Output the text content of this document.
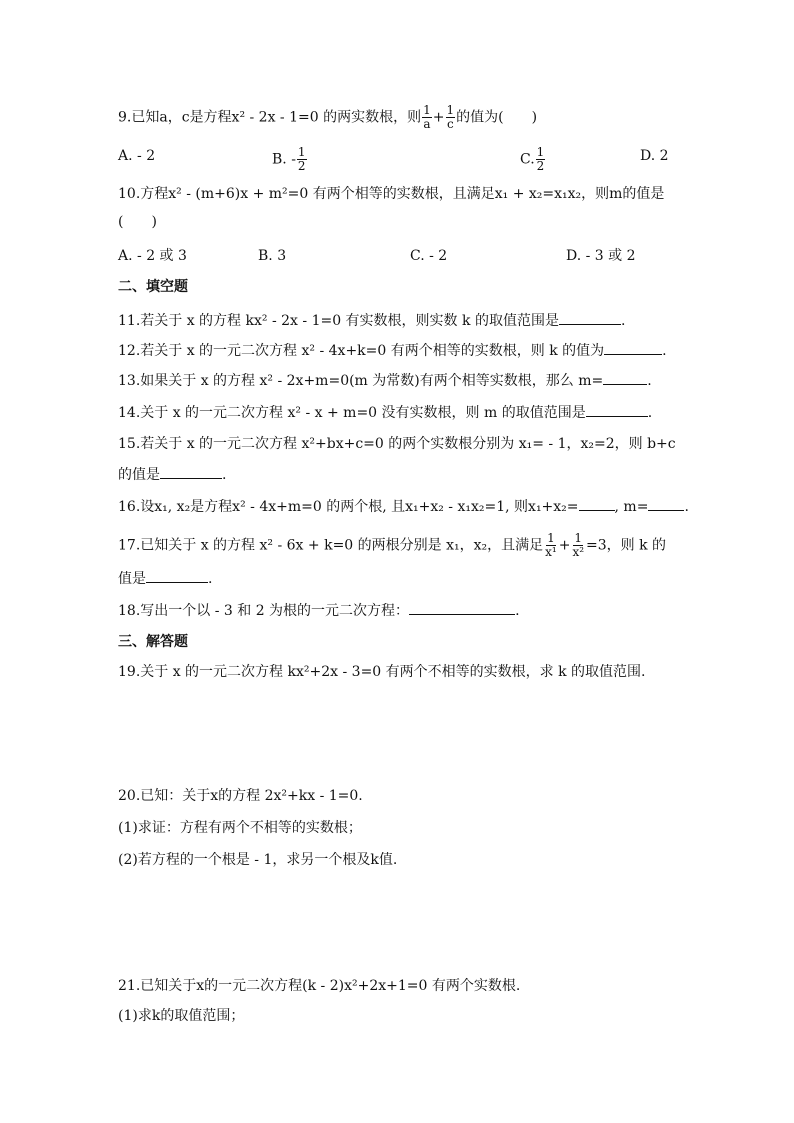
9.已知a，c是方程x² - 2x - 1=0 的两实数根，则 $\frac{1}{a} + \frac{1}{c}$ 的值为(　　)
A. - 2	B. - $\frac{1}{2}$	C. $\frac{1}{2}$	D. 2
10.方程x² - (m+6)x + m²=0 有两个相等的实数根，且满足x₁ + x₂=x₁x₂，则m的值是
(　　)
A. - 2 或 3	B. 3	C. - 2	D. - 3 或 2
二、填空题
11.若关于 x 的方程 kx² - 2x - 1=0 有实数根，则实数 k 的取值范围是	.
12.若关于 x 的一元二次方程 x² - 4x+k=0 有两个相等的实数根，则 k 的值为	.
13.如果关于 x 的方程 x² - 2x+m=0(m 为常数)有两个相等实数根，那么 m=	.
14.关于 x 的一元二次方程 x² - x + m=0 没有实数根，则 m 的取值范围是	.
15.若关于 x 的一元二次方程 x²+bx+c=0 的两个实数根分别为 x₁= - 1，x₂=2，则 b+c
的值是	.
16.设x₁, x₂是方程x² - 4x+m=0 的两个根, 且x₁+x₂ - x₁x₂=1, 则x₁+x₂=	, m=	.
17.已知关于 x 的方程 x² - 6x + k=0 的两根分别是 x₁，x₂，且满足 $\frac{1}{\text{x¹}} + \frac{1}{\text{x²}} =3$，则 k 的
值是	.
18.写出一个以 - 3 和 2 为根的一元二次方程：	.
三、解答题
19.关于 x 的一元二次方程 kx²+2x - 3=0 有两个不相等的实数根，求 k 的取值范围.
20.已知：关于x的方程 2x²+kx - 1=0.
(1)求证：方程有两个不相等的实数根；
(2)若方程的一个根是 - 1，求另一个根及k值.
21.已知关于x的一元二次方程(k - 2)x²+2x+1=0 有两个实数根.
(1)求k的取值范围；
